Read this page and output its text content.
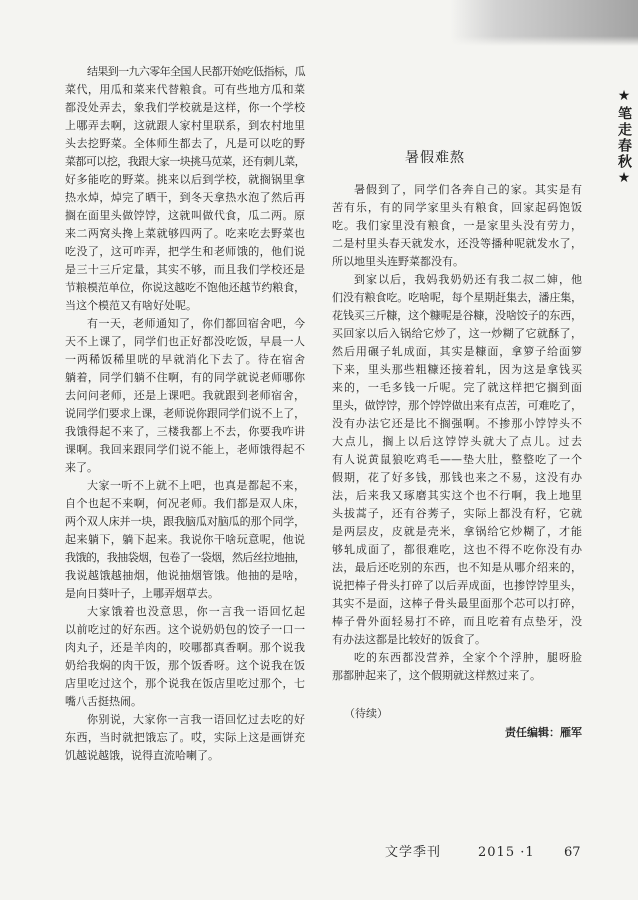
★笔走春秋★
结果到一九六零年全国人民都开始吃低指标，瓜
菜代，用瓜和菜来代替粮食。可有些地方瓜和菜
都没处弄去，象我们学校就是这样，你一个学校
上哪弄去啊，这就跟人家村里联系，到农村地里
头去挖野菜。全体师生都去了，凡是可以吃的野
菜都可以挖，我跟大家一块挑马苋菜，还有刺儿菜，
好多能吃的野菜。挑来以后到学校，就搁锅里拿
热水焯，焯完了晒干，到冬天拿热水泡了然后再
搁在面里头做饽饽，这就叫做代食，瓜二两。原
来二两窝头搀上菜就够四两了。吃来吃去野菜也
吃没了，这可咋弄，把学生和老师饿的，他们说
是三十三斤定量，其实不够，而且我们学校还是
节粮模范单位，你说这越吃不饱他还越节约粮食，
当这个模范又有啥好处呢。
有一天，老师通知了，你们都回宿舍吧，今
天不上课了，同学们也正好都没吃饭，早晨一人
一两稀饭稀里咣的早就消化下去了。待在宿舍
躺着，同学们躺不住啊，有的同学就说老师哪你
去问问老师，还是上课吧。我就跟到老师宿舍，
说同学们要求上课，老师说你跟同学们说不上了，
我饿得起不来了，三楼我都上不去，你要我咋讲
课啊。我回来跟同学们说不能上，老师饿得起不
来了。
大家一听不上就不上吧，也真是都起不来，
自个也起不来啊，何况老师。我们都是双人床，
两个双人床并一块，跟我脑瓜对脑瓜的那个同学，
起来躺下，躺下起来。我说你干啥玩意呢，他说
我饿的，我抽袋烟，包卷了一袋烟，然后丝拉地抽，
我说越饿越抽烟，他说抽烟管饿。他抽的是啥，
是向日葵叶子，上哪弄烟草去。
大家饿着也没意思，你一言我一语回忆起
以前吃过的好东西。这个说奶奶包的饺子一口一
肉丸子，还是羊肉的，咬哪都真香啊。那个说我
奶给我焖的肉干饭，那个饭香呀。这个说我在饭
店里吃过这个，那个说我在饭店里吃过那个，七
嘴八舌挺热闹。
你别说，大家你一言我一语回忆过去吃的好
东西，当时就把饿忘了。哎，实际上这是画饼充
饥越说越饿，说得直流哈喇了。
暑假难熬
暑假到了，同学们各奔自己的家。其实是有
苦有乐，有的同学家里头有粮食，回家起码饱饭
吃。我们家里没有粮食，一是家里头没有劳力，
二是村里头春天就发水，还没等播种呢就发水了，
所以地里头连野菜都没有。
到家以后，我妈我奶奶还有我二叔二婶，他
们没有粮食吃。吃啥呢，每个星期赶集去，潘庄集，
花钱买三斤糠，这个糠呢是谷糠，没啥饺子的东西，
买回家以后入锅给它炒了，这一炒糊了它就酥了，
然后用碾子轧成面，其实是糠面，拿箩子给面箩
下来，里头那些粗糠还接着轧，因为这是拿钱买
来的，一毛多钱一斤呢。完了就这样把它搁到面
里头，做饽饽，那个饽饽做出来有点苦，可难吃了，
没有办法它还是比不搁强啊。不掺那小饽饽头不
大点儿，搁上以后这饽饽头就大了点儿。过去
有人说黄鼠狼吃鸡毛——垫大肚，整整吃了一个
假期，花了好多钱，那钱也来之不易，这没有办
法，后来我又琢磨其实这个也不行啊，我上地里
头拔蒿子，还有谷莠子，实际上都没有籽，它就
是两层皮，皮就是壳米，拿锅给它炒糊了，才能
够轧成面了，都很难吃，这也不得不吃你没有办
法，最后还吃别的东西，也不知是从哪介绍来的，
说把棒子骨头打碎了以后弄成面，也掺饽饽里头，
其实不是面，这棒子骨头最里面那个芯可以打碎，
棒子骨外面轻易打不碎，而且吃着有点垫牙，没
有办法这都是比较好的饭食了。
吃的东西都没营养，全家个个浮肿，腿呀脸
那都肿起来了，这个假期就这样熬过来了。
（待续）
责任编辑：雁军
文学季刊	2015 ·1 67
